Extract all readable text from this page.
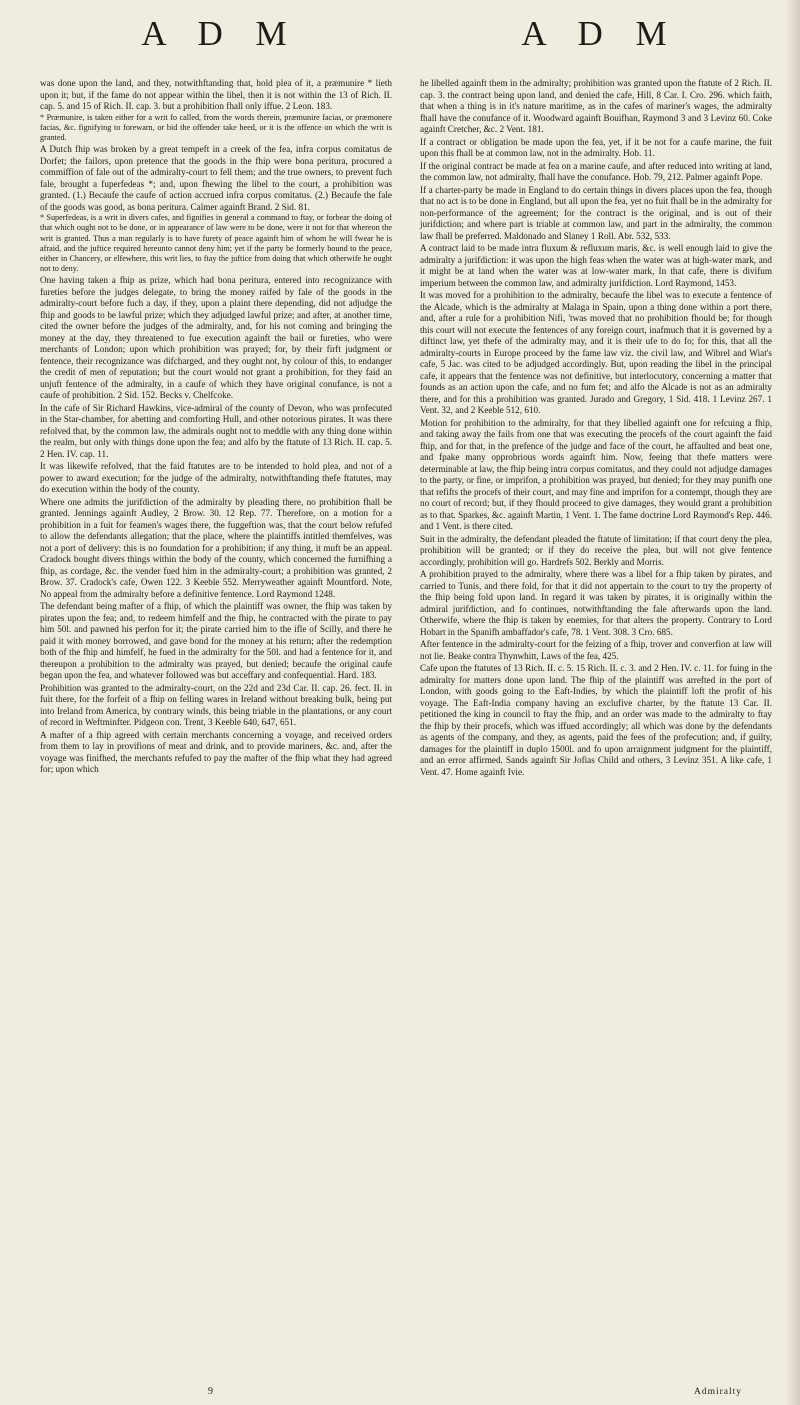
A D M	A D M

was done upon the land, and they, notwithftanding that, hold plea of it, a præmunire * lieth upon it; but, if the fame do not appear within the libel, then it is not within the 13 of Rich. II. cap. 5. and 15 of Rich. II. cap. 3. but a prohibition fhall only iffue. 2 Leon. 183.

* Præmunire, is taken either for a writ fo called, from the words therein, præmunire facias, or præmonere facias, &c. fignifying to forewarn, or bid the offender take heed, or it is the offence on which the writ is granted.

A Dutch fhip was broken by a great tempeft in a creek of the fea, infra corpus comitatus de Dorfet; the failors, upon pretence that the goods in the fhip were bona peritura, procured a commiffion of fale out of the admiralty-court to fell them; and the true owners, to prevent fuch fale, brought a fuperfedeas *; and, upon fhewing the libel to the court, a prohibition was granted. (1.) Becaufe the caufe of action accrued infra corpus comitatus. (2.) Becaufe the fale of the goods was good, as bona peritura. Calmer againft Brand. 2 Sid. 81.

* Superfedeas, is a writ in divers cafes, and fignifies in general a command to ftay, or forbear the doing of that which ought not to be done, or in appearance of law were to be done, were it not for that whereon the writ is granted. Thus a man regularly is to have furety of peace againft him of whom he will fwear he is afraid, and the juftice required hereunto cannot deny him; yet if the party be formerly bound to the peace, either in Chancery, or elfewhere, this writ lies, to ftay the juftice from doing that which otherwife he ought not to deny.

One having taken a fhip as prize, which had bona peritura, entered into recognizance with fureties before the judges delegate, to bring the money raifed by fale of the goods in the admiralty-court before fuch a day, if they, upon a plaint there depending, did not adjudge the fhip and goods to be lawful prize; which they adjudged lawful prize; and after, at another time, cited the owner before the judges of the admiralty, and, for his not coming and bringing the money at the day, they threatened to fue execution againft the bail or fureties, who were merchants of London; upon which prohibition was prayed; for, by their firft judgment or fentence, their recognizance was difcharged, and they ought not, by colour of this, to endanger the credit of men of reputation; but the court would not grant a prohibition, for they faid an unjuft fentence of the admiralty, in a caufe of which they have original conufance, is not a caufe of prohibition. 2 Sid. 152. Becks v. Chelfcoke.

In the cafe of Sir Richard Hawkins, vice-admiral of the county of Devon, who was profecuted in the Star-chamber, for abetting and comforting Hull, and other notorious pirates. It was there refolved that, by the common law, the admirals ought not to meddle with any thing done within the realm, but only with things done upon the fea; and alfo by the ftatute of 13 Rich. II. cap. 5. 2 Hen. IV. cap. 11.

It was likewife refolved, that the faid ftatutes are to be intended to hold plea, and not of a power to award execution; for the judge of the admiralty, notwithftanding thefe ftatutes, may do execution within the body of the county.

Where one admits the jurifdiction of the admiralty by pleading there, no prohibition fhall be granted. Jennings againft Audley, 2 Brow. 30. 12 Rep. 77. Therefore, on a motion for a prohibition in a fuit for feamen's wages there, the fuggeftion was, that the court below refufed to allow the defendants allegation; that the place, where the plaintiffs intitled themfelves, was not a port of delivery: this is no foundation for a prohibition; if any thing, it muft be an appeal. Cradock bought divers things within the body of the county, which concerned the furnifhing a fhip, as cordage, &c. the vender fued him in the admiralty-court; a prohibition was granted, 2 Brow. 37. Cradock's cafe, Owen 122. 3 Keeble 552. Merryweather againft Mountford. Note, No appeal from the admiralty before a definitive fentence. Lord Raymond 1248.

The defendant being mafter of a fhip, of which the plaintiff was owner, the fhip was taken by pirates upon the fea; and, to redeem himfelf and the fhip, he contracted with the pirate to pay him 50l. and pawned his perfon for it; the pirate carried him to the ifle of Scilly, and there he paid it with money borrowed, and gave bond for the money at his return; after the redemption both of the fhip and himfelf, he fued in the admiralty for the 50l. and had a fentence for it, and thereupon a prohibition to the admiralty was prayed, but denied; becaufe the original caufe began upon the fea, and whatever followed was but acceffary and confequential. Hard. 183.

Prohibition was granted to the admiralty-court, on the 22d and 23d Car. II. cap. 26. fect. II. in fuit there, for the forfeit of a fhip on felling wares in Ireland without breaking bulk, being put into Ireland from America, by contrary winds, this being triable in the plantations, or any court of record in Weftminfter. Pidgeon con. Trent, 3 Keeble 640, 647, 651.

A mafter of a fhip agreed with certain merchants concerning a voyage, and received orders from them to lay in provifions of meat and drink, and to provide mariners, &c. and, after the voyage was finifhed, the merchants refufed to pay the mafter of the fhip what they had agreed for; upon which

he libelled againft them in the admiralty; prohibition was granted upon the ftatute of 2 Rich. II. cap. 3. the contract being upon land, and denied the cafe, Hill, 8 Car. I. Cro. 296. which faith, that when a thing is in it's nature maritime, as in the cafes of mariner's wages, the admiralty fhall have the conufance of it. Woodward againft Bouifhan, Raymond 3 and 3 Levinz 60. Coke againft Cretcher, &c. 2 Vent. 181.

If a contract or obligation be made upon the fea, yet, if it be not for a caufe marine, the fuit upon this fhall be at common law, not in the admiralty. Hob. 11.

If the original contract be made at fea on a marine caufe, and after reduced into writing at land, the common law, not admiralty, fhall have the conufance. Hob. 79, 212. Palmer againft Pope.

If a charter-party be made in England to do certain things in divers places upon the fea, though that no act is to be done in England, but all upon the fea, yet no fuit fhall be in the admiralty for non-performance of the agreement; for the contract is the original, and is out of their jurifdiction; and where part is triable at common law, and part in the admiralty, the common law fhall be preferred. Maldonado and Slaney 1 Roll. Abr. 532, 533.

A contract laid to be made intra fluxum & refluxum maris, &c. is well enough laid to give the admiralty a jurifdiction: it was upon the high feas when the water was at high-water mark, and it might be at land when the water was at low-water mark, In that cafe, there is divifum imperium between the common law, and admiralty jurifdiction. Lord Raymond, 1453.

It was moved for a prohibition to the admiralty, becaufe the libel was to execute a fentence of the Alcade, which is the admiralty at Malaga in Spain, upon a thing done within a port there, and, after a rule for a prohibition Nifi, 'twas moved that no prohibition fhould be; for though this court will not execute the fentences of any foreign court, inafmuch that it is governed by a diftinct law, yet thefe of the admiralty may, and it is their ufe to do fo; for this, that all the admiralty-courts in Europe proceed by the fame law viz. the civil law, and Wibrel and Wiat's cafe, 5 Jac. was cited to be adjudged accordingly. But, upon reading the libel in the principal cafe, it appears that the fentence was not definitive, but interlocutory, concerning a matter that founds as an action upon the cafe, and no fum fet; and alfo the Alcade is not as an admiralty there, and for this a prohibition was granted. Jurado and Gregory, 1 Sid. 418. 1 Levinz 267. 1 Vent. 32, and 2 Keeble 512, 610.

Motion for prohibition to the admiralty, for that they libelled againft one for refcuing a fhip, and taking away the fails from one that was executing the procefs of the court againft the faid fhip, and for that, in the prefence of the judge and face of the court, he affaulted and beat one, and fpake many opprobrious words againft him. Now, feeing that thefe matters were determinable at law, the fhip being intra corpus comitatus, and they could not adjudge damages to the party, or fine, or imprifon, a prohibition was prayed, but denied; for they may punifh one that refifts the procefs of their court, and may fine and imprifon for a contempt, though they are no court of record; but, if they fhould proceed to give damages, they would grant a prohibition as to that. Sparkes, &c. againft Martin, 1 Vent. 1. The fame doctrine Lord Raymond's Rep. 446. and 1 Vent. is there cited.

Suit in the admiralty, the defendant pleaded the ftatute of limitation; if that court deny the plea, prohibition will be granted; or if they do receive the plea, but will not give fentence accordingly, prohibition will go. Hardrefs 502. Berkly and Morris.

A prohibition prayed to the admiralty, where there was a libel for a fhip taken by pirates, and carried to Tunis, and there fold, for that it did not appertain to the court to try the property of the fhip being fold upon land. In regard it was taken by pirates, it is originally within the admiral jurifdiction, and fo continues, notwithftanding the fale afterwards upon the land. Otherwife, where the fhip is taken by enemies, for that alters the property. Contrary to Lord Hobart in the Spanifh ambaffador's cafe, 78. 1 Vent. 308. 3 Cro. 685.

After fentence in the admiralty-court for the feizing of a fhip, trover and converfion at law will not lie. Beake contra Thynwhitt, Laws of the fea, 425.

Cafe upon the ftatutes of 13 Rich. II. c. 5. 15 Rich. II. c. 3. and 2 Hen. IV. c. 11. for fuing in the admiralty for matters done upon land. The fhip of the plaintiff was arrefted in the port of London, with goods going to the Eaft-Indies, by which the plaintiff loft the profit of his voyage. The Eaft-India company having an exclufive charter, by the ftatute 13 Car. II. petitioned the king in council to ftay the fhip, and an order was made to the admiralty to ftay the fhip by their procefs, which was iffued accordingly; all which was done by the defendants as agents of the company, and they, as agents, paid the fees of the profecution; and, if guilty, damages for the plaintiff in duplo 1500l. and fo upon arraignment judgment for the plaintiff, and an error affirmed. Sands againft Sir Jofias Child and others, 3 Levinz 351. A like cafe, 1 Vent. 47. Home againft Ivie.

9	Admiralty
